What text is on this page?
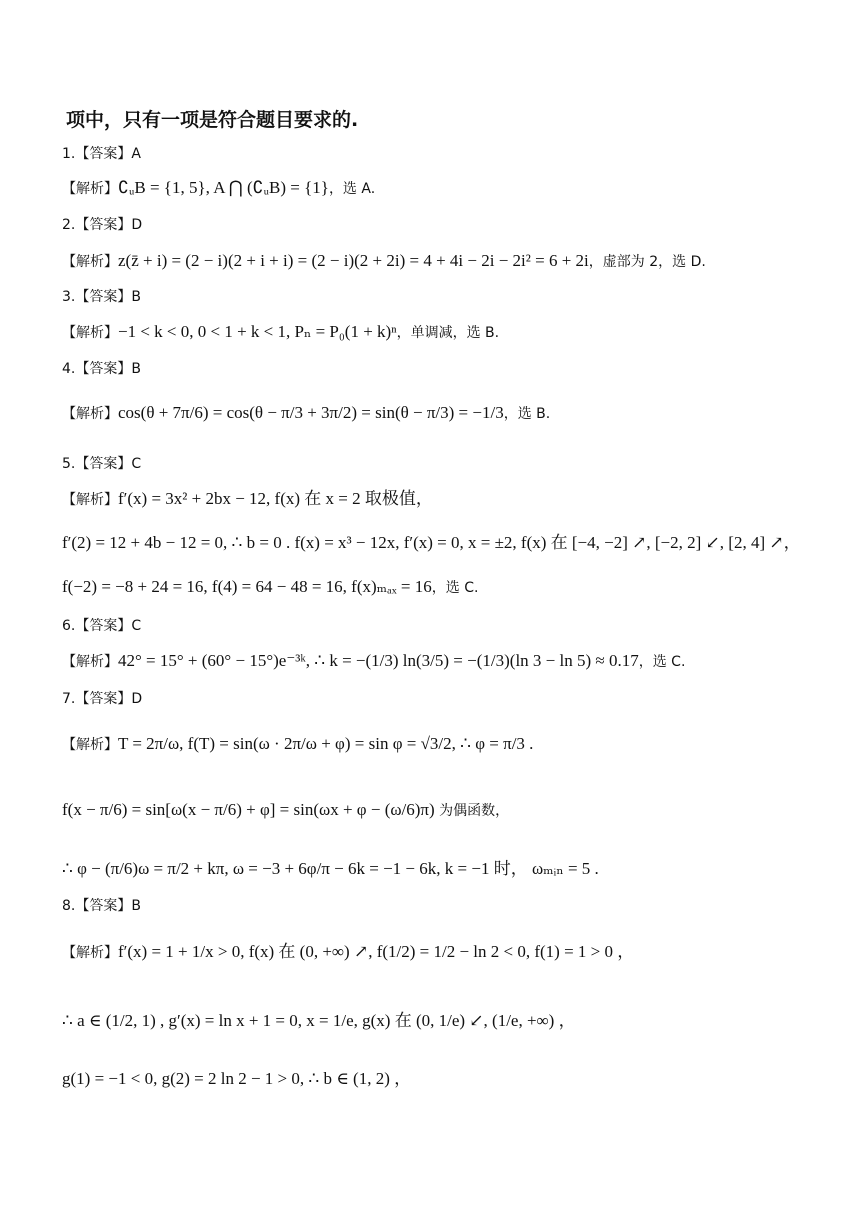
项中，只有一项是符合题目要求的.
1.【答案】A
【解析】∁ᵤB = {1, 5}, A ⋂ (∁ᵤB) = {1}，选 A.
2.【答案】D
【解析】z(z̄ + i) = (2 − i)(2 + i + i) = (2 − i)(2 + 2i) = 4 + 4i − 2i − 2i² = 6 + 2i，虚部为 2，选 D.
3.【答案】B
【解析】−1 < k < 0, 0 < 1 + k < 1, Pₙ = P₀(1 + k)ⁿ，单调减，选 B.
4.【答案】B
【解析】cos(θ + 7π/6) = cos(θ − π/3 + 3π/2) = sin(θ − π/3) = −1/3，选 B.
5.【答案】C
【解析】f′(x) = 3x² + 2bx − 12, f(x) 在 x = 2 取极值，
f′(2) = 12 + 4b − 12 = 0, ∴ b = 0 . f(x) = x³ − 12x, f′(x) = 0, x = ±2, f(x) 在 [−4, −2] ↗, [−2, 2] ↙, [2, 4] ↗，
f(−2) = −8 + 24 = 16, f(4) = 64 − 48 = 16, f(x)ₘₐₓ = 16，选 C.
6.【答案】C
【解析】42° = 15° + (60° − 15°)e⁻³ᵏ, ∴ k = −(1/3) ln(3/5) = −(1/3)(ln 3 − ln 5) ≈ 0.17，选 C.
7.【答案】D
【解析】T = 2π/ω, f(T) = sin(ω · 2π/ω + φ) = sin φ = √3/2, ∴ φ = π/3 .
f(x − π/6) = sin[ω(x − π/6) + φ] = sin(ωx + φ − (ω/6)π) 为偶函数，
∴ φ − (π/6)ω = π/2 + kπ, ω = −3 + 6φ/π − 6k = −1 − 6k, k = −1 时， ωₘᵢₙ = 5 .
8.【答案】B
【解析】f′(x) = 1 + 1/x > 0, f(x) 在 (0, +∞) ↗, f(1/2) = 1/2 − ln 2 < 0, f(1) = 1 > 0 ，
∴ a ∈ (1/2, 1) , g′(x) = ln x + 1 = 0, x = 1/e, g(x) 在 (0, 1/e) ↙, (1/e, +∞) ，
g(1) = −1 < 0, g(2) = 2 ln 2 − 1 > 0, ∴ b ∈ (1, 2) ，
